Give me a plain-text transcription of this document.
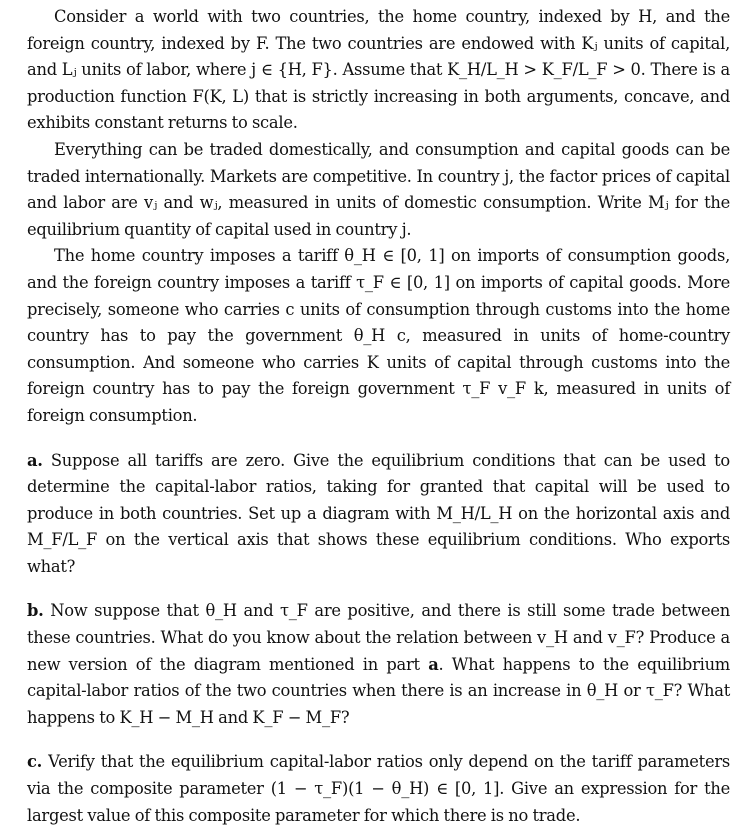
Consider a world with two countries, the home country, indexed by H, and the foreign country, indexed by F. The two countries are endowed with Kⱼ units of capital, and Lⱼ units of labor, where j ∈ {H, F}. Assume that K_H/L_H > K_F/L_F > 0. There is a production function F(K, L) that is strictly increasing in both arguments, concave, and exhibits constant returns to scale.

Everything can be traded domestically, and consumption and capital goods can be traded internationally. Markets are competitive. In country j, the factor prices of capital and labor are vⱼ and wⱼ, measured in units of domestic consumption. Write Mⱼ for the equilibrium quantity of capital used in country j.

The home country imposes a tariff θ_H ∈ [0, 1] on imports of consumption goods, and the foreign country imposes a tariff τ_F ∈ [0, 1] on imports of capital goods. More precisely, someone who carries c units of consumption through customs into the home country has to pay the government θ_H c, measured in units of home-country consumption. And someone who carries K units of capital through customs into the foreign country has to pay the foreign government τ_F v_F k, measured in units of foreign consumption.

a. Suppose all tariffs are zero. Give the equilibrium conditions that can be used to determine the capital-labor ratios, taking for granted that capital will be used to produce in both countries. Set up a diagram with M_H/L_H on the horizontal axis and M_F/L_F on the vertical axis that shows these equilibrium conditions. Who exports what?

b. Now suppose that θ_H and τ_F are positive, and there is still some trade between these countries. What do you know about the relation between v_H and v_F? Produce a new version of the diagram mentioned in part a. What happens to the equilibrium capital-labor ratios of the two countries when there is an increase in θ_H or τ_F? What happens to K_H − M_H and K_F − M_F?

c. Verify that the equilibrium capital-labor ratios only depend on the tariff parameters via the composite parameter (1 − τ_F)(1 − θ_H) ∈ [0, 1]. Give an expression for the largest value of this composite parameter for which there is no trade.
